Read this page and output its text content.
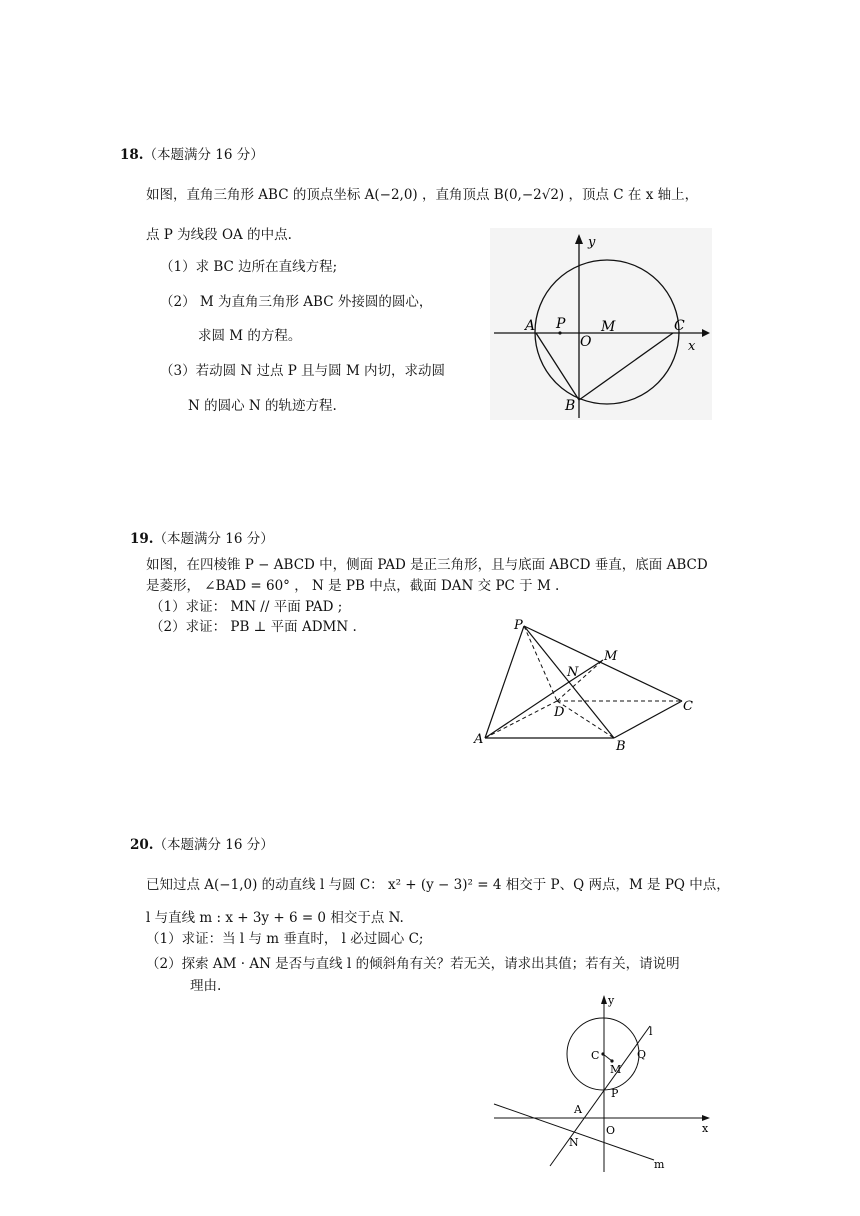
18.（本题满分 16 分）
如图，直角三角形 ABC 的顶点坐标 A(−2,0) ，直角顶点 B(0,−2√2) ，顶点 C 在 x 轴上，
点 P 为线段 OA 的中点.
（1）求 BC 边所在直线方程;
（2） M 为直角三角形 ABC 外接圆的圆心，
求圆 M 的方程。
（3）若动圆 N 过点 P 且与圆 M 内切，求动圆
N 的圆心 N 的轨迹方程.
A P	M
O
C
B
x
y
19.（本题满分 16 分）
如图，在四棱锥 P − ABCD 中，侧面 PAD 是正三角形，且与底面 ABCD 垂直，底面 ABCD
是菱形， ∠BAD = 60° ， N 是 PB 中点，截面 DAN 交 PC 于 M .
（1）求证： MN // 平面 PAD ;
（2）求证： PB ⊥ 平面 ADMN .	P
M
N
D	C
A	B
20.（本题满分 16 分）
已知过点 A(−1,0) 的动直线 l 与圆 C： x² + (y − 3)² = 4 相交于 P、Q 两点，M 是 PQ 中点，
l 与直线 m : x + 3y + 6 = 0 相交于点 N.
（1）求证：当 l 与 m 垂直时， l 必过圆心 C;
（2）探索 AM · AN 是否与直线 l 的倾斜角有关？若无关，请求出其值；若有关，请说明
理由.
y
l
C
M
Q
P
A
O	x
N
m
